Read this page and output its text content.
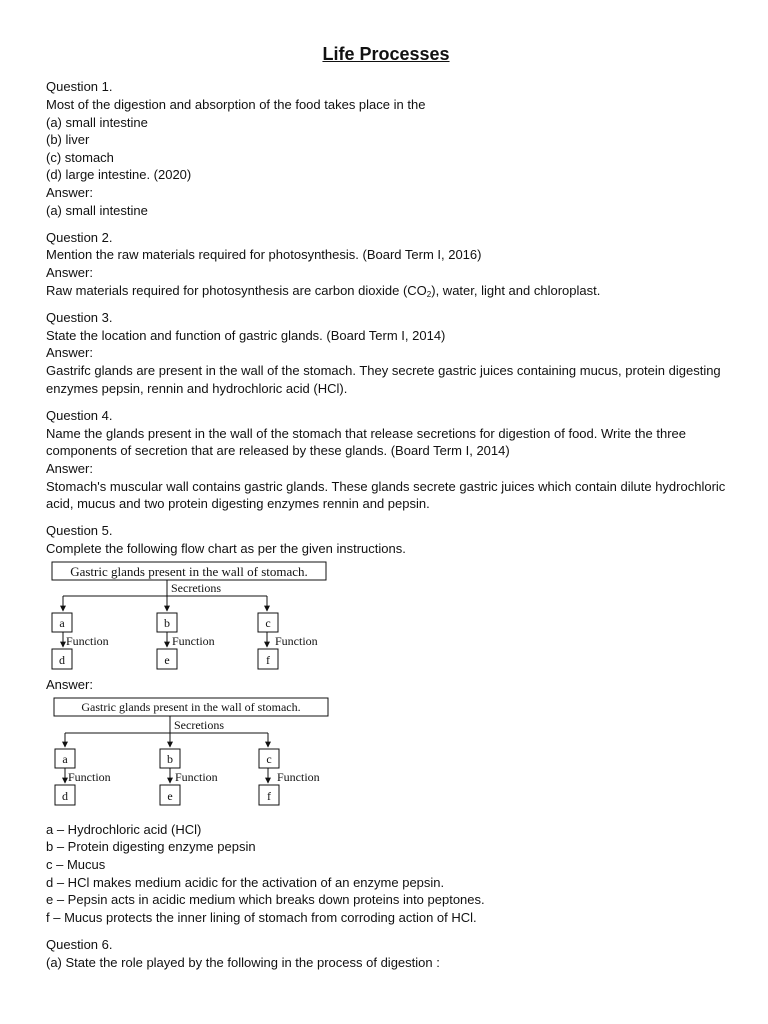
Life Processes
Question 1.
Most of the digestion and absorption of the food takes place in the
(a) small intestine
(b) liver
(c) stomach
(d) large intestine. (2020)
Answer:
(a) small intestine
Question 2.
Mention the raw materials required for photosynthesis. (Board Term I, 2016)
Answer:
Raw materials required for photosynthesis are carbon dioxide $(CO_2)$, water, light and chloroplast.
Question 3.
State the location and function of gastric glands. (Board Term I, 2014)
Answer:
Gastrifc glands are present in the wall of the stomach. They secrete gastric juices containing mucus, protein digesting
enzymes pepsin, rennin and hydrochloric acid (HCl).
Question 4.
Name the glands present in the wall of the stomach that release secretions for digestion of food. Write the three
components of secretion that are released by these glands. (Board Term I, 2014)
Answer:
Stomach's muscular wall contains gastric glands. These glands secrete gastric juices which contain dilute hydrochloric
acid, mucus and two protein digesting enzymes rennin and pepsin.
Question 5.
Complete the following flow chart as per the given instructions.
Gastric glands present in the wall of stomach.
Secretions
a	b	c
Function	Function	Function
d	e	f
Answer:
Gastric glands present in the wall of stomach.
Secretions
a	b	c
Function	Function	Function
d	e	f
a – Hydrochloric acid (HCl)
b – Protein digesting enzyme pepsin
c – Mucus
d – HCl makes medium acidic for the activation of an enzyme pepsin.
e – Pepsin acts in acidic medium which breaks down proteins into peptones.
f – Mucus protects the inner lining of stomach from corroding action of HCl.
Question 6.
(a) State the role played by the following in the process of digestion :
